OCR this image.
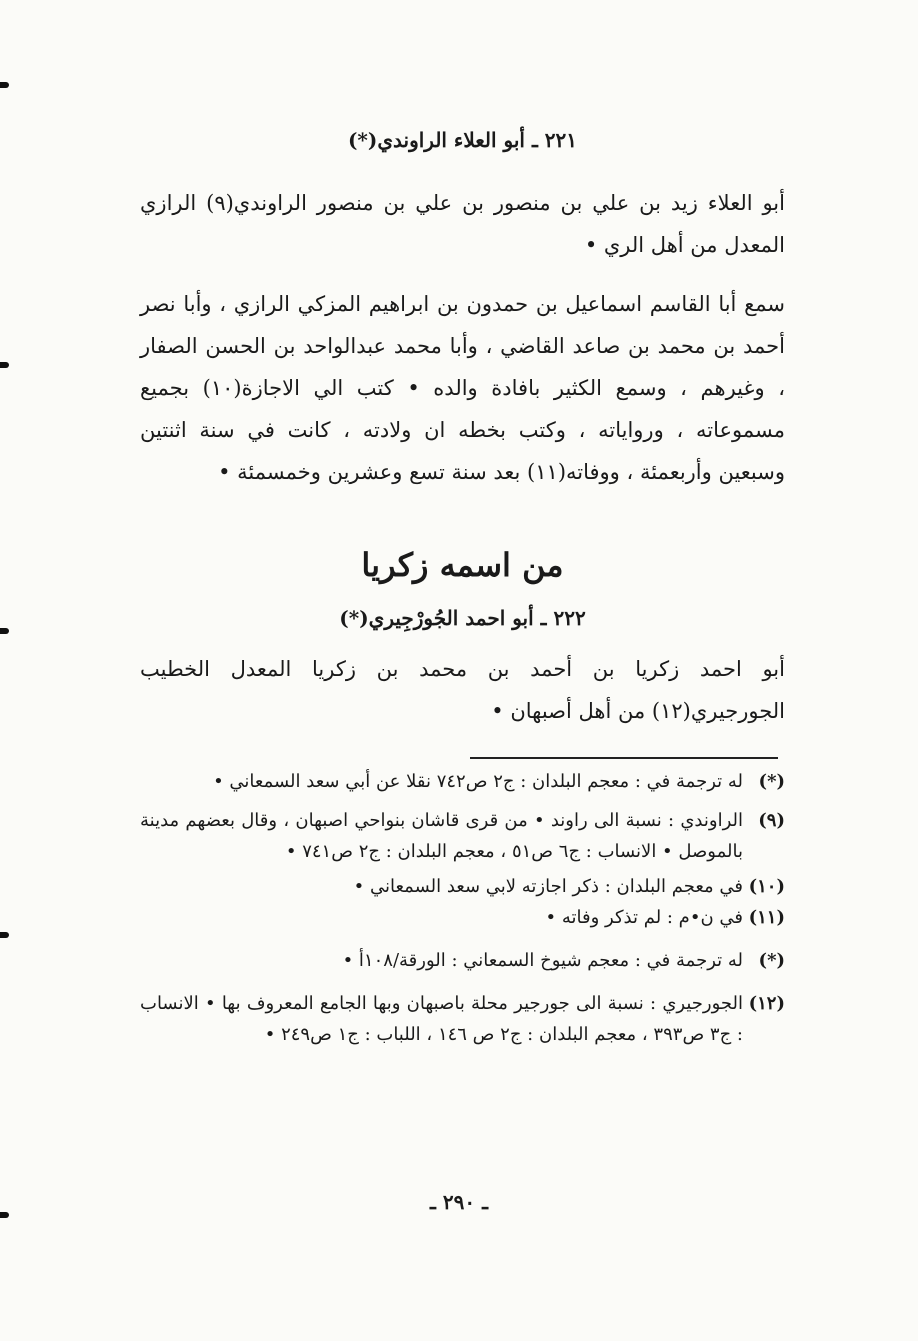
٢٢١ ـ أبو العلاء الراوندي(*)

أبو العلاء زيد بن علي بن منصور بن علي بن منصور الراوندي(٩) الرازي المعدل من أهل الري •

سمع أبا القاسم اسماعيل بن حمدون بن ابراهيم المزكي الرازي ، وأبا نصر أحمد بن محمد بن صاعد القاضي ، وأبا محمد عبدالواحد بن الحسن الصفار ، وغيرهم ، وسمع الكثير بافادة والده • كتب الي الاجازة(١٠) بجميع مسموعاته ، ورواياته ، وكتب بخطه ان ولادته ، كانت في سنة اثنتين وسبعين وأربعمئة ، ووفاته(١١) بعد سنة تسع وعشرين وخمسمئة •

من اسمه زكريا

٢٢٢ ـ أبو احمد الجُورْجِيري(*)

أبو احمد زكريا بن أحمد بن محمد بن زكريا المعدل الخطيب الجورجيري(١٢) من أهل أصبهان •

(*)
له ترجمة في : معجم البلدان : ج٢ ص٧٤٢ نقلا عن أبي سعد السمعاني •
(٩)
الراوندي : نسبة الى راوند • من قرى قاشان بنواحي اصبهان ، وقال بعضهم مدينة بالموصل • الانساب : ج٦ ص٥١ ، معجم البلدان : ج٢ ص٧٤١ •
(١٠)
في معجم البلدان : ذكر اجازته لابي سعد السمعاني •
(١١)
في ن•م : لم تذكر وفاته •
(*)
له ترجمة في : معجم شيوخ السمعاني : الورقة/١٠٨أ •
(١٢)
الجورجيري : نسبة الى جورجير محلة باصبهان وبها الجامع المعروف بها • الانساب : ج٣ ص٣٩٣ ، معجم البلدان : ج٢ ص ١٤٦ ، اللباب : ج١ ص٢٤٩ •
ـ ٢٩٠ ـ
